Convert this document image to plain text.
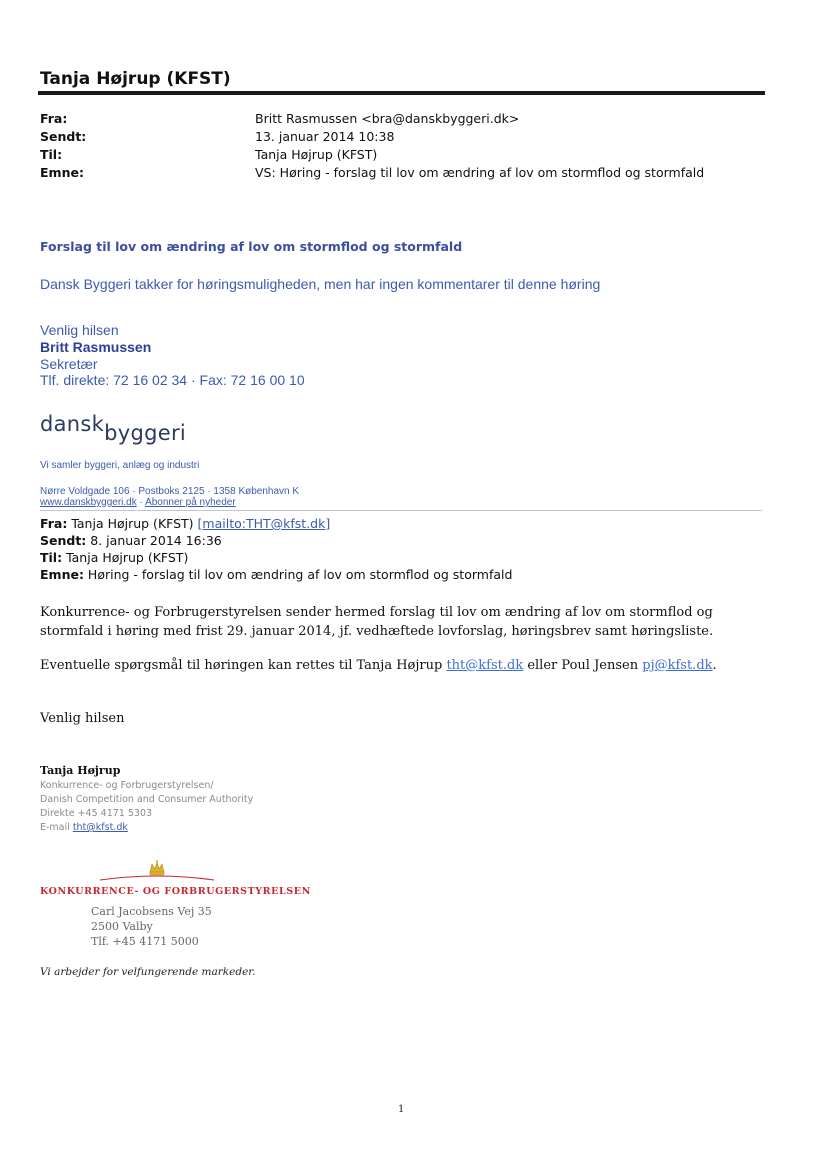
Tanja Højrup (KFST)
Fra:	Britt Rasmussen <bra@danskbyggeri.dk>
Sendt:	13. januar 2014 10:38
Til:	Tanja Højrup (KFST)
Emne:	VS: Høring - forslag til lov om ændring af lov om stormflod og stormfald
Forslag til lov om ændring af lov om stormflod og stormfald
Dansk Byggeri takker for høringsmuligheden, men har ingen kommentarer til denne høring
Venlig hilsen
Britt Rasmussen
Sekretær
Tlf. direkte: 72 16 02 34 · Fax: 72 16 00 10
danskbyggeri
Vi samler byggeri, anlæg og industri
Nørre Voldgade 106 · Postboks 2125 · 1358 København K
www.danskbyggeri.dk · Abonner på nyheder
Fra: Tanja Højrup (KFST) [mailto:THT@kfst.dk]
Sendt: 8. januar 2014 16:36
Til: Tanja Højrup (KFST)
Emne: Høring - forslag til lov om ændring af lov om stormflod og stormfald
Konkurrence- og Forbrugerstyrelsen sender hermed forslag til lov om ændring af lov om stormflod og
stormfald i høring med frist 29. januar 2014, jf. vedhæftede lovforslag, høringsbrev samt høringsliste.
Eventuelle spørgsmål til høringen kan rettes til Tanja Højrup tht@kfst.dk eller Poul Jensen pj@kfst.dk.
Venlig hilsen
Tanja Højrup
Konkurrence- og Forbrugerstyrelsen/
Danish Competition and Consumer Authority
Direkte +45 4171 5303
E-mail tht@kfst.dk
KONKURRENCE- OG FORBRUGERSTYRELSEN
Carl Jacobsens Vej 35
2500 Valby
Tlf. +45 4171 5000
Vi arbejder for velfungerende markeder.
1
